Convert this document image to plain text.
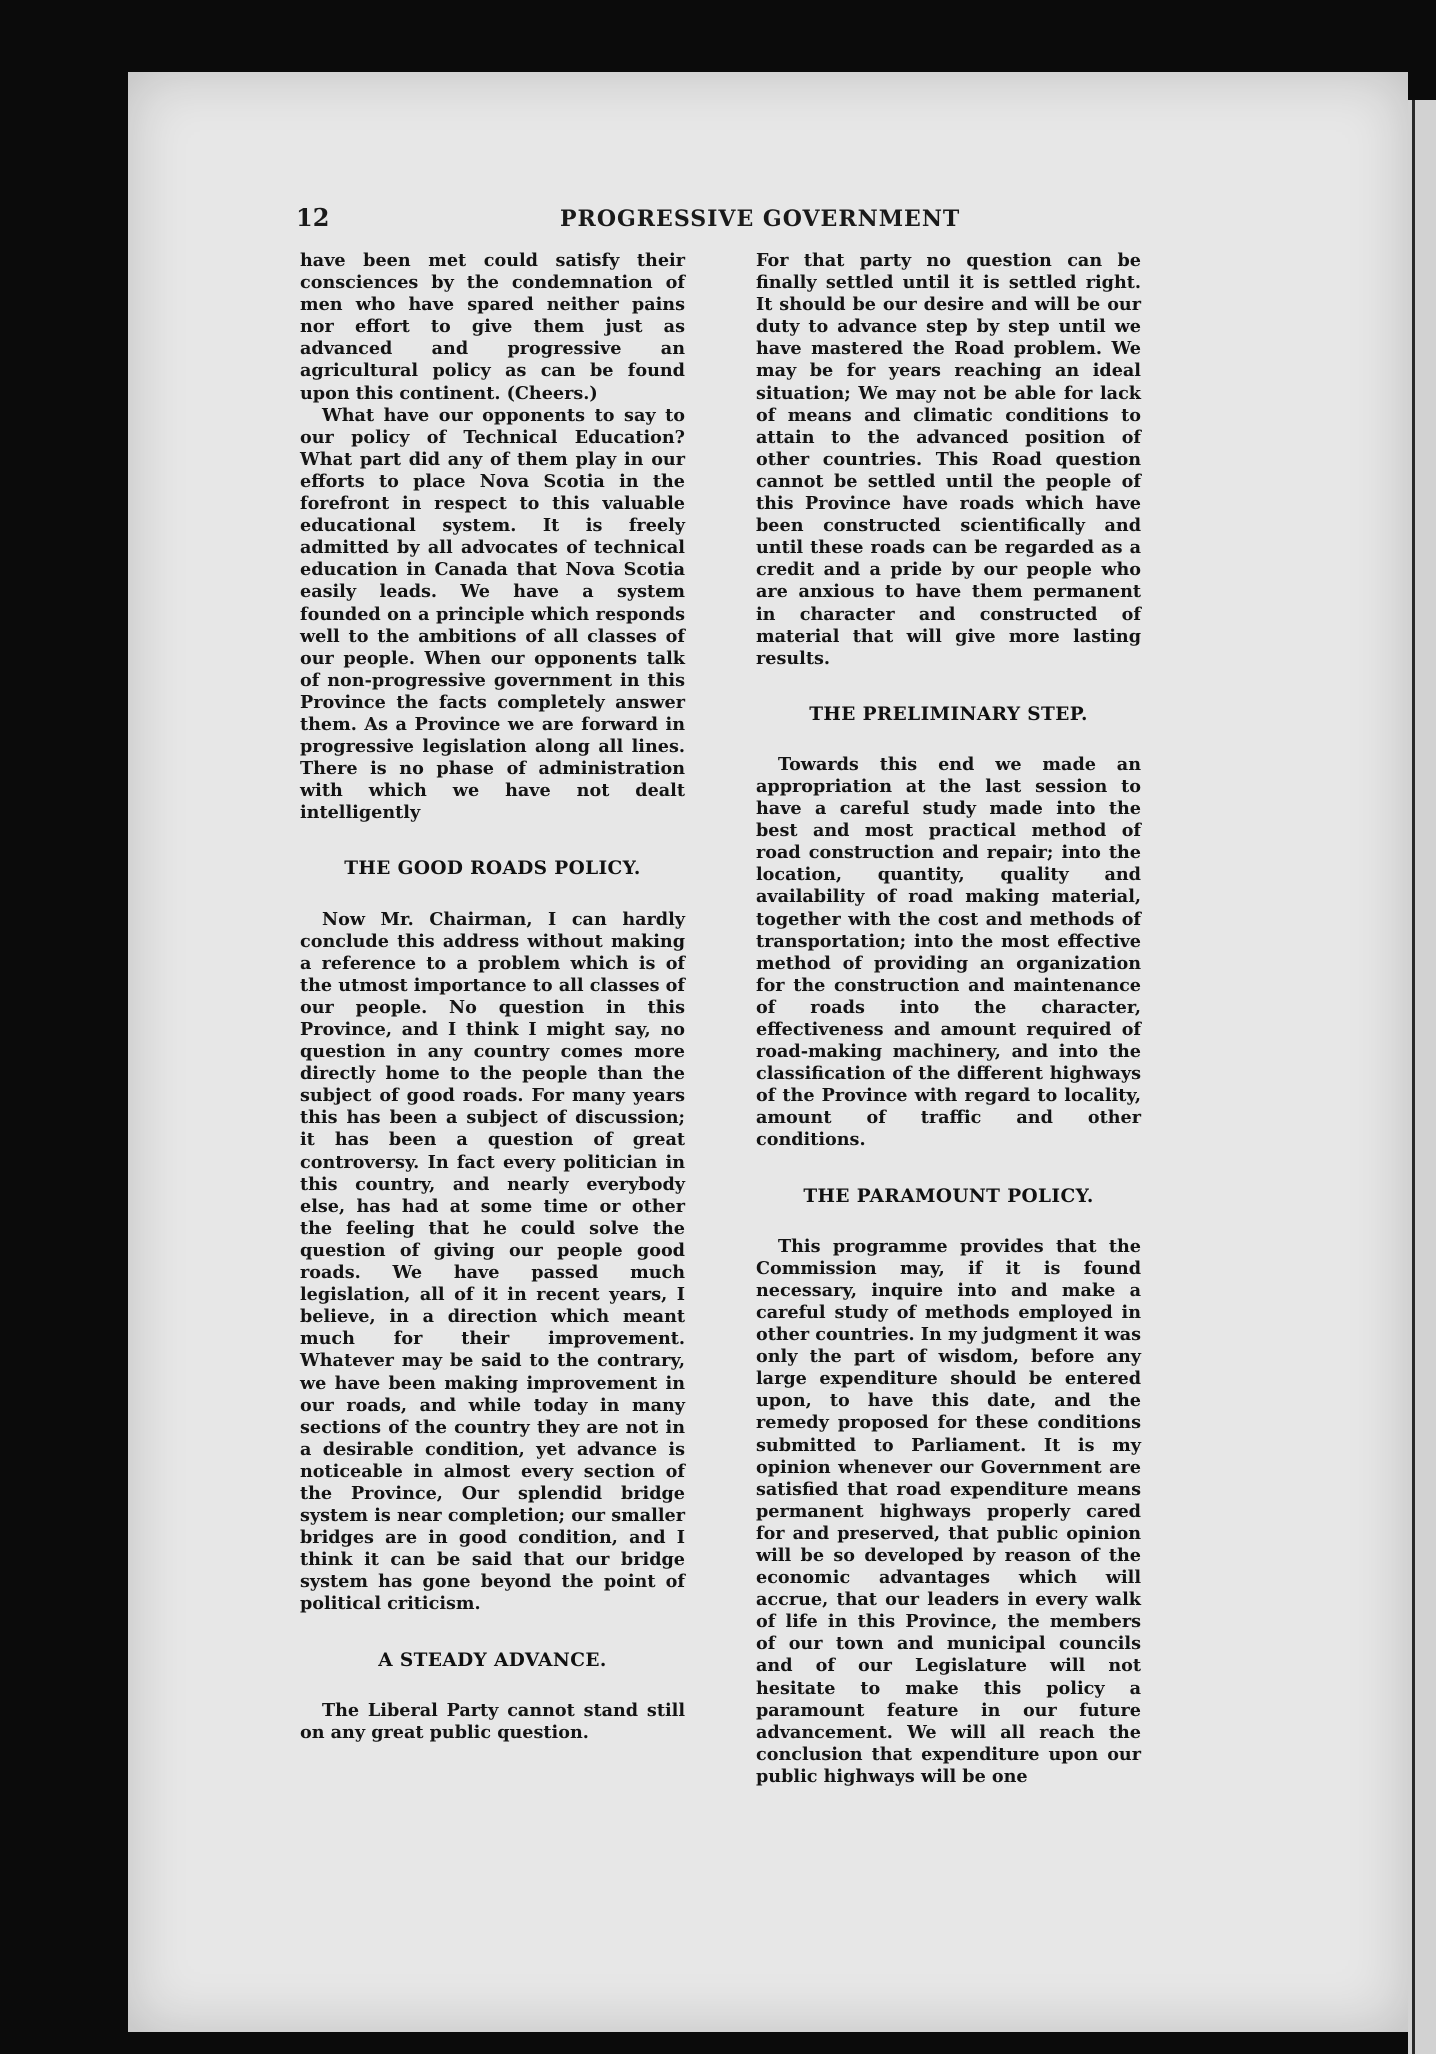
12	PROGRESSIVE GOVERNMENT

have been met could satisfy their consciences by the condemnation of men who have spared neither pains nor effort to give them just as advanced and progressive an agricultural policy as can be found upon this continent. (Cheers.)

What have our opponents to say to our policy of Technical Education? What part did any of them play in our efforts to place Nova Scotia in the forefront in respect to this valuable educational system. It is freely admitted by all advocates of technical education in Canada that Nova Scotia easily leads. We have a system founded on a principle which responds well to the ambitions of all classes of our people. When our opponents talk of non-progressive government in this Province the facts completely answer them. As a Province we are forward in progressive legislation along all lines. There is no phase of administration with which we have not dealt intelligently

THE GOOD ROADS POLICY.

Now Mr. Chairman, I can hardly conclude this address without making a reference to a problem which is of the utmost importance to all classes of our people. No question in this Province, and I think I might say, no question in any country comes more directly home to the people than the subject of good roads. For many years this has been a subject of discussion; it has been a question of great controversy. In fact every politician in this country, and nearly everybody else, has had at some time or other the feeling that he could solve the question of giving our people good roads. We have passed much legislation, all of it in recent years, I believe, in a direction which meant much for their improvement. Whatever may be said to the contrary, we have been making improvement in our roads, and while today in many sections of the country they are not in a desirable condition, yet advance is noticeable in almost every section of the Province, Our splendid bridge system is near completion; our smaller bridges are in good condition, and I think it can be said that our bridge system has gone beyond the point of political criticism.

A STEADY ADVANCE.

The Liberal Party cannot stand still on any great public question.

For that party no question can be finally settled until it is settled right. It should be our desire and will be our duty to advance step by step until we have mastered the Road problem. We may be for years reaching an ideal situation; We may not be able for lack of means and climatic conditions to attain to the advanced position of other countries. This Road question cannot be settled until the people of this Province have roads which have been constructed scientifically and until these roads can be regarded as a credit and a pride by our people who are anxious to have them permanent in character and constructed of material that will give more lasting results.

THE PRELIMINARY STEP.

Towards this end we made an appropriation at the last session to have a careful study made into the best and most practical method of road construction and repair; into the location, quantity, quality and availability of road making material, together with the cost and methods of transportation; into the most effective method of providing an organization for the construction and maintenance of roads into the character, effectiveness and amount required of road-making machinery, and into the classification of the different highways of the Province with regard to locality, amount of traffic and other conditions.

THE PARAMOUNT POLICY.

This programme provides that the Commission may, if it is found necessary, inquire into and make a careful study of methods employed in other countries. In my judgment it was only the part of wisdom, before any large expenditure should be entered upon, to have this date, and the remedy proposed for these conditions submitted to Parliament. It is my opinion whenever our Government are satisfied that road expenditure means permanent highways properly cared for and preserved, that public opinion will be so developed by reason of the economic advantages which will accrue, that our leaders in every walk of life in this Province, the members of our town and municipal councils and of our Legislature will not hesitate to make this policy a paramount feature in our future advancement. We will all reach the conclusion that expenditure upon our public highways will be one
